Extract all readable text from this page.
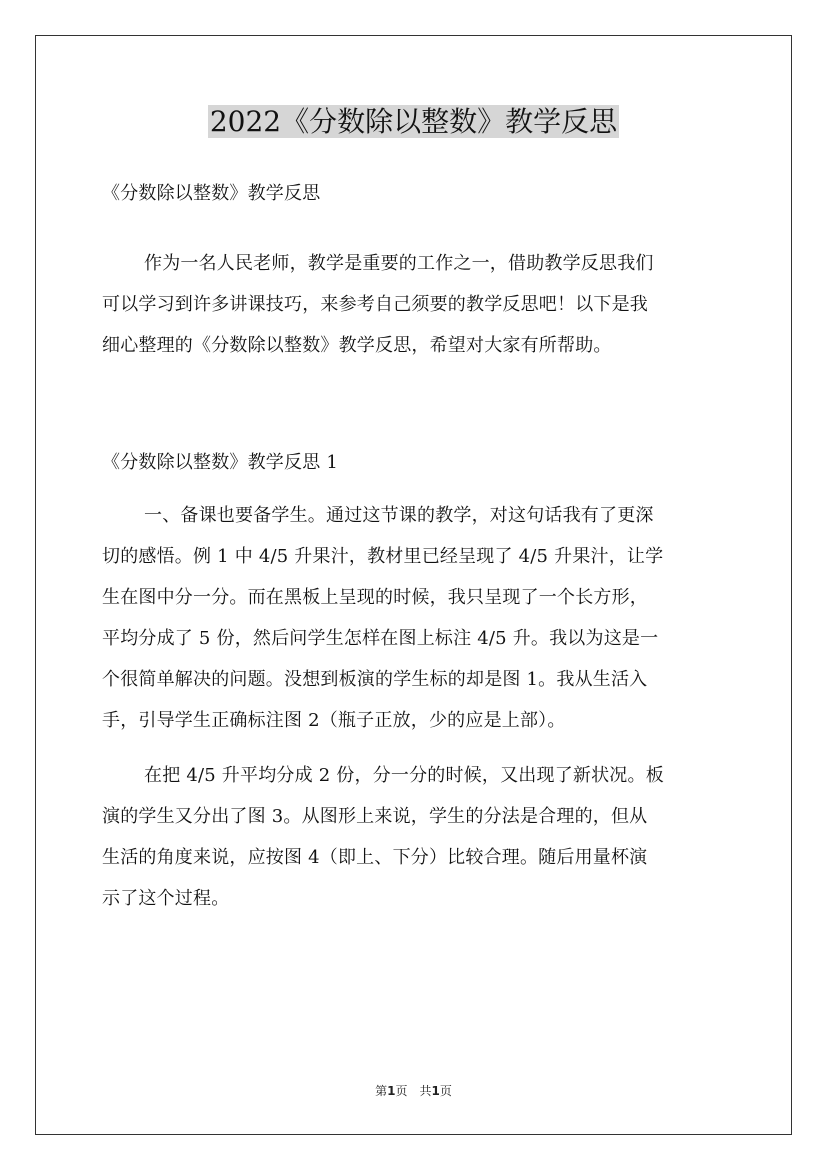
2022《分数除以整数》教学反思

《分数除以整数》教学反思

作为一名人民老师，教学是重要的工作之一，借助教学反思我们

可以学习到许多讲课技巧，来参考自己须要的教学反思吧！以下是我

细心整理的《分数除以整数》教学反思，希望对大家有所帮助。

《分数除以整数》教学反思 1

一、备课也要备学生。通过这节课的教学，对这句话我有了更深

切的感悟。例 1 中 4/5 升果汁，教材里已经呈现了 4/5 升果汁，让学

生在图中分一分。而在黑板上呈现的时候，我只呈现了一个长方形，

平均分成了 5 份，然后问学生怎样在图上标注 4/5 升。我以为这是一

个很简单解决的问题。没想到板演的学生标的却是图 1。我从生活入

手，引导学生正确标注图 2（瓶子正放，少的应是上部）。

在把 4/5 升平均分成 2 份，分一分的时候，又出现了新状况。板

演的学生又分出了图 3。从图形上来说，学生的分法是合理的，但从

生活的角度来说，应按图 4（即上、下分）比较合理。随后用量杯演

示了这个过程。

第1页　共1页
